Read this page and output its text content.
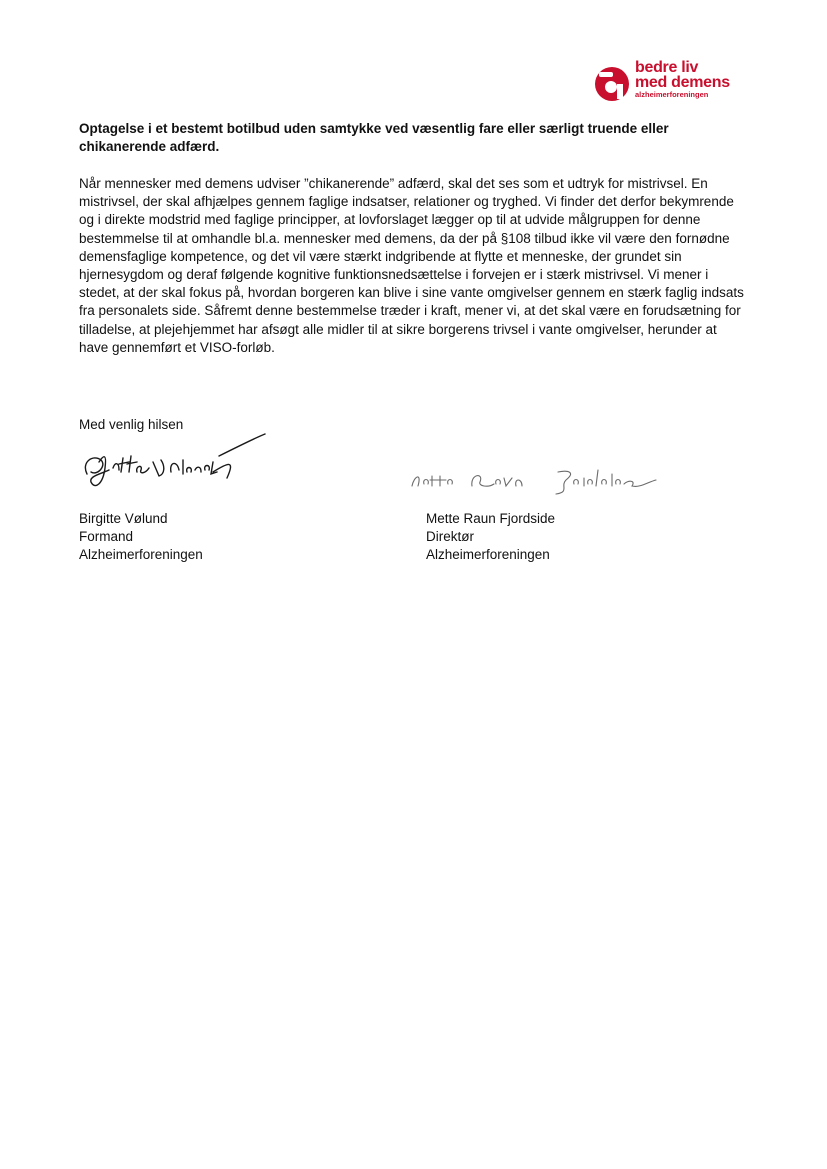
bedre liv
med demens
alzheimerforeningen

Optagelse i et bestemt botilbud uden samtykke ved væsentlig fare eller særligt truende eller chikanerende adfærd.

Når mennesker med demens udviser ”chikanerende” adfærd, skal det ses som et udtryk for mistrivsel. En mistrivsel, der skal afhjælpes gennem faglige indsatser, relationer og tryghed. Vi finder det derfor bekymrende og i direkte modstrid med faglige principper, at lovforslaget lægger op til at udvide målgruppen for denne bestemmelse til at omhandle bl.a. mennesker med demens, da der på §108 tilbud ikke vil være den fornødne demensfaglige kompetence, og det vil være stærkt indgribende at flytte et menneske, der grundet sin hjernesygdom og deraf følgende kognitive funktionsnedsættelse i forvejen er i stærk mistrivsel. Vi mener i stedet, at der skal fokus på, hvordan borgeren kan blive i sine vante omgivelser gennem en stærk faglig indsats fra personalets side. Såfremt denne bestemmelse træder i kraft, mener vi, at det skal være en forudsætning for tilladelse, at plejehjemmet har afsøgt alle midler til at sikre borgerens trivsel i vante omgivelser, herunder at have gennemført et VISO-forløb.

Med venlig hilsen

Birgitte Vølund
Formand
Alzheimerforeningen
Mette Raun Fjordside
Direktør
Alzheimerforeningen
